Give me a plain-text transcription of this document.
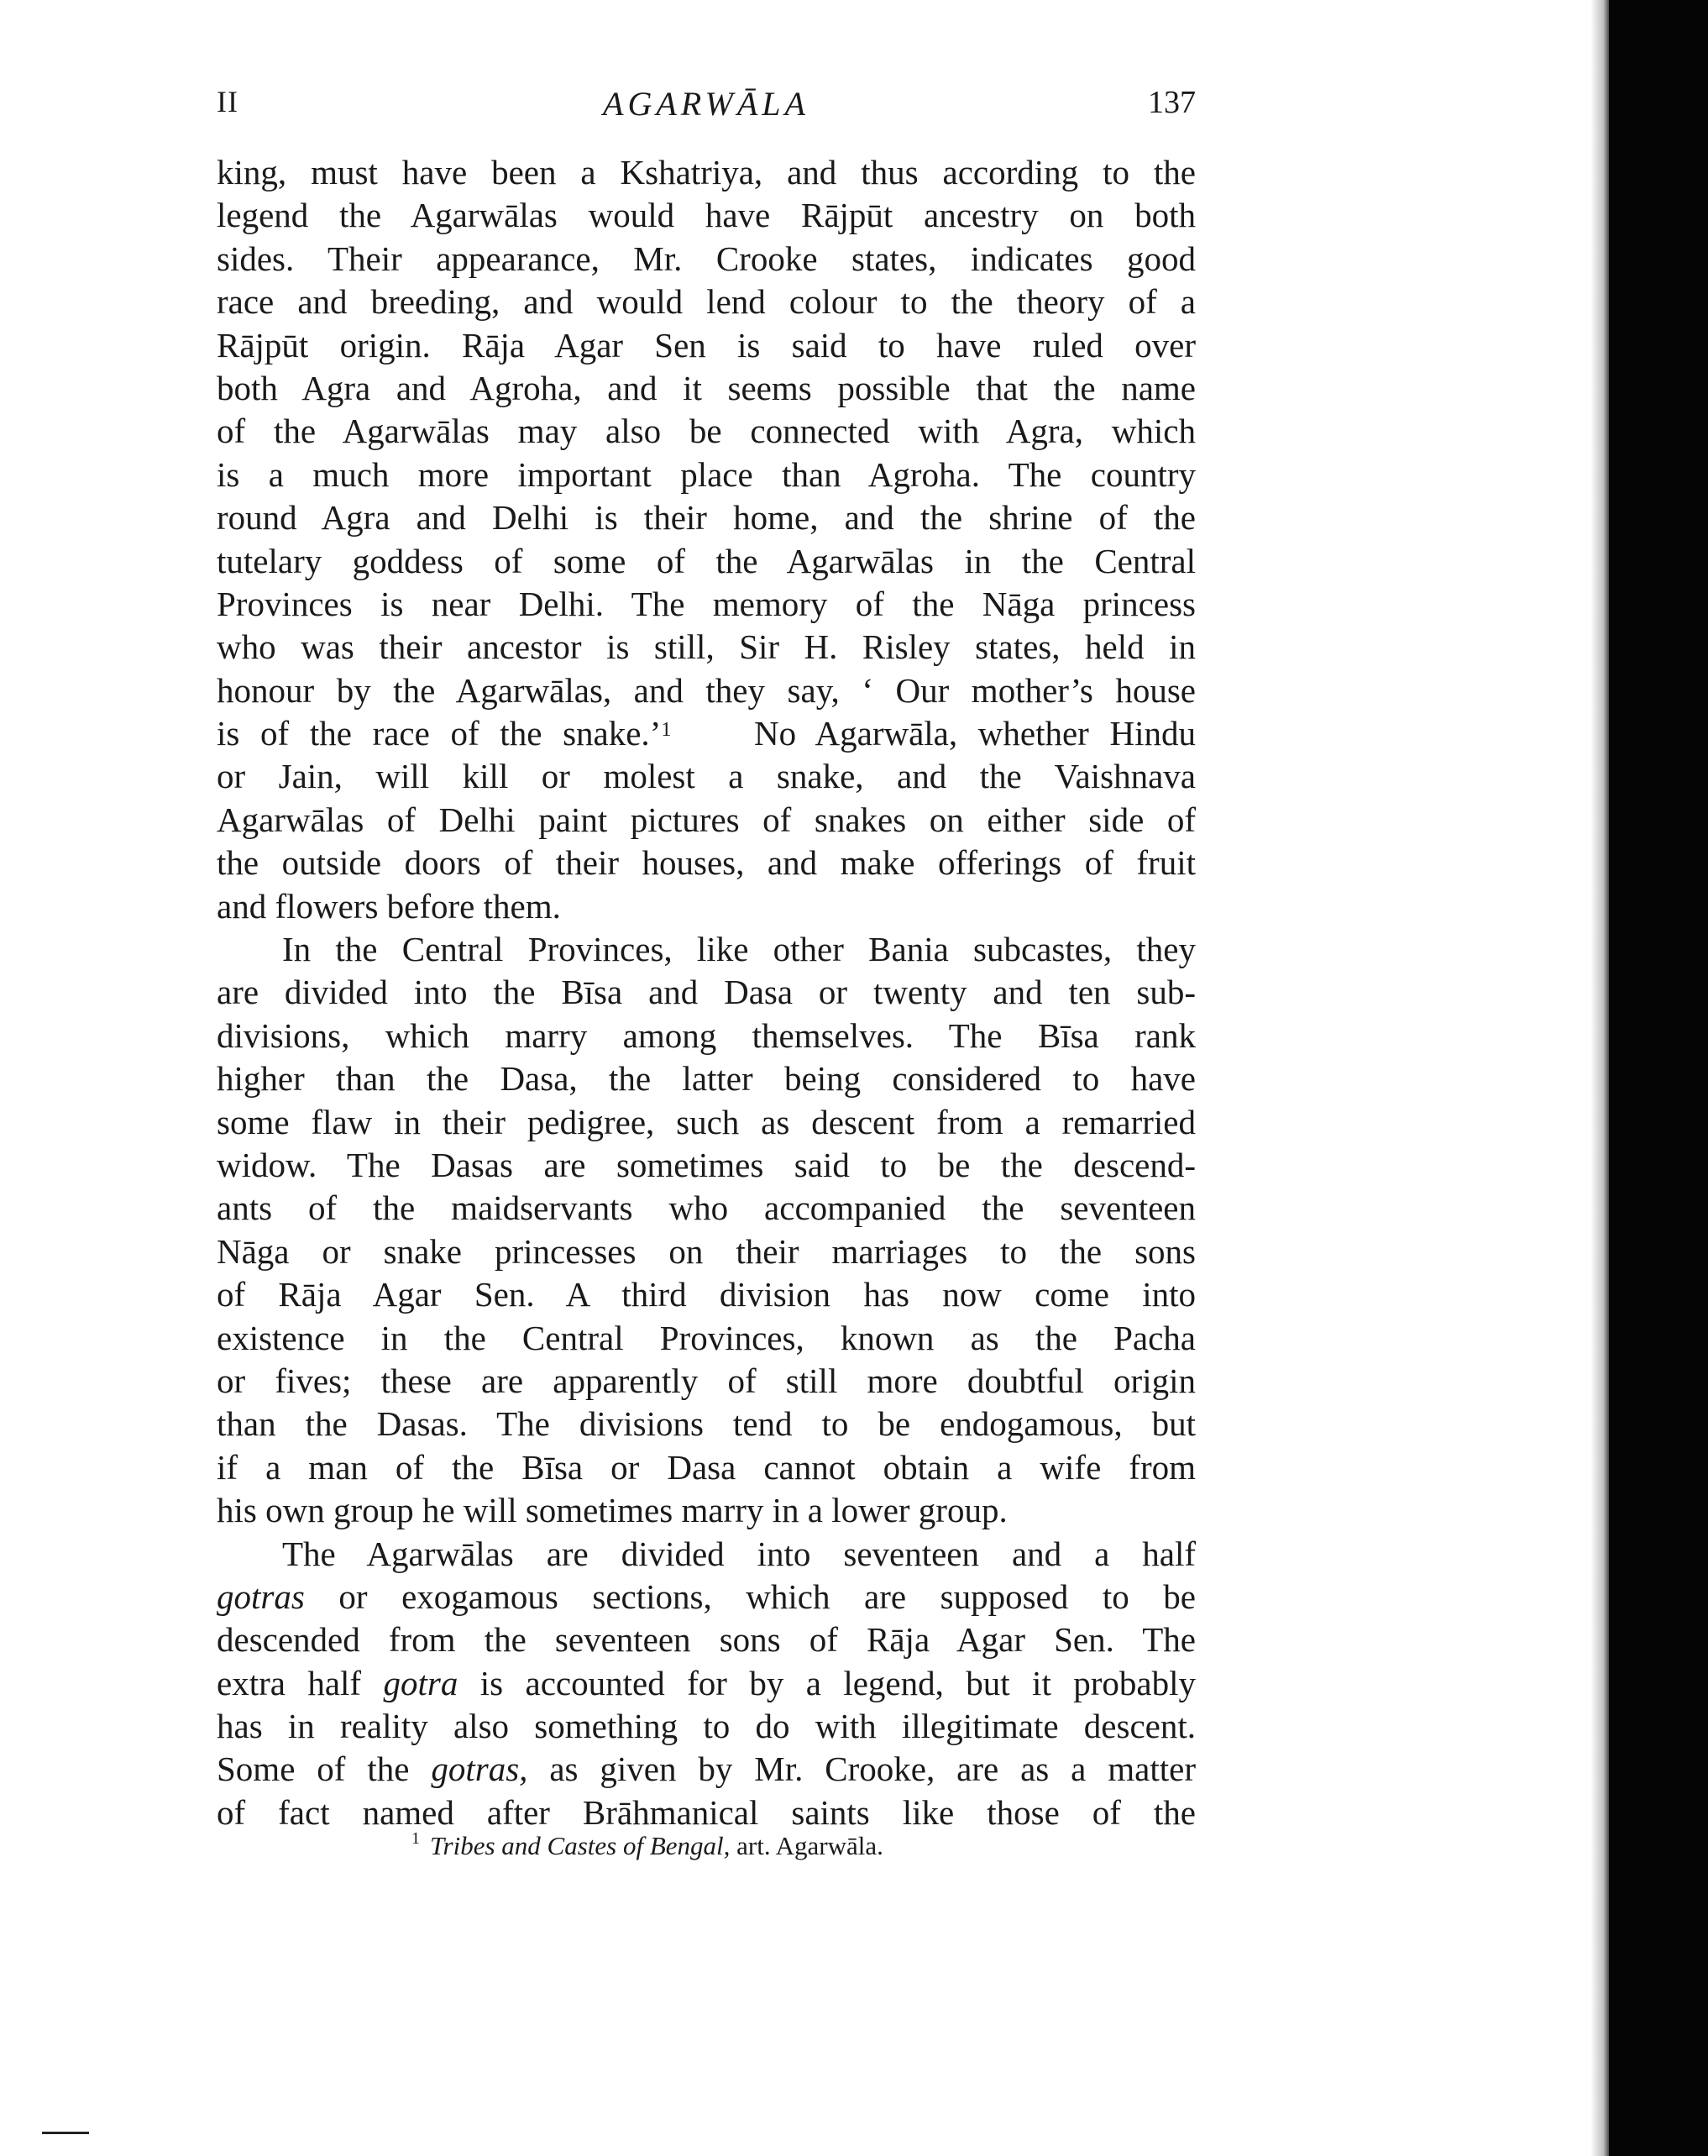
II	AGARWĀLA	137
king, must have been a Kshatriya, and thus according to the
legend the Agarwālas would have Rājpūt ancestry on both
sides. Their appearance, Mr. Crooke states, indicates good
race and breeding, and would lend colour to the theory of a
Rājpūt origin. Rāja Agar Sen is said to have ruled over
both Agra and Agroha, and it seems possible that the name
of the Agarwālas may also be connected with Agra, which
is a much more important place than Agroha. The country
round Agra and Delhi is their home, and the shrine of the
tutelary goddess of some of the Agarwālas in the Central
Provinces is near Delhi. The memory of the Nāga princess
who was their ancestor is still, Sir H. Risley states, held in
honour by the Agarwālas, and they say, ‘ Our mother’s house
is of the race of the snake.’$^1$ No Agarwāla, whether Hindu
or Jain, will kill or molest a snake, and the Vaishnava
Agarwālas of Delhi paint pictures of snakes on either side of
the outside doors of their houses, and make offerings of fruit
and flowers before them.
In the Central Provinces, like other Bania subcastes, they
are divided into the Bīsa and Dasa or twenty and ten sub-
divisions, which marry among themselves. The Bīsa rank
higher than the Dasa, the latter being considered to have
some flaw in their pedigree, such as descent from a remarried
widow. The Dasas are sometimes said to be the descend-
ants of the maidservants who accompanied the seventeen
Nāga or snake princesses on their marriages to the sons
of Rāja Agar Sen. A third division has now come into
existence in the Central Provinces, known as the Pacha
or fives; these are apparently of still more doubtful origin
than the Dasas. The divisions tend to be endogamous, but
if a man of the Bīsa or Dasa cannot obtain a wife from
his own group he will sometimes marry in a lower group.
The Agarwālas are divided into seventeen and a half
gotras or exogamous sections, which are supposed to be
descended from the seventeen sons of Rāja Agar Sen. The
extra half gotra is accounted for by a legend, but it probably
has in reality also something to do with illegitimate descent.
Some of the gotras, as given by Mr. Crooke, are as a matter
of fact named after Brāhmanical saints like those of the
$^1$ Tribes and Castes of Bengal, art. Agarwāla.
